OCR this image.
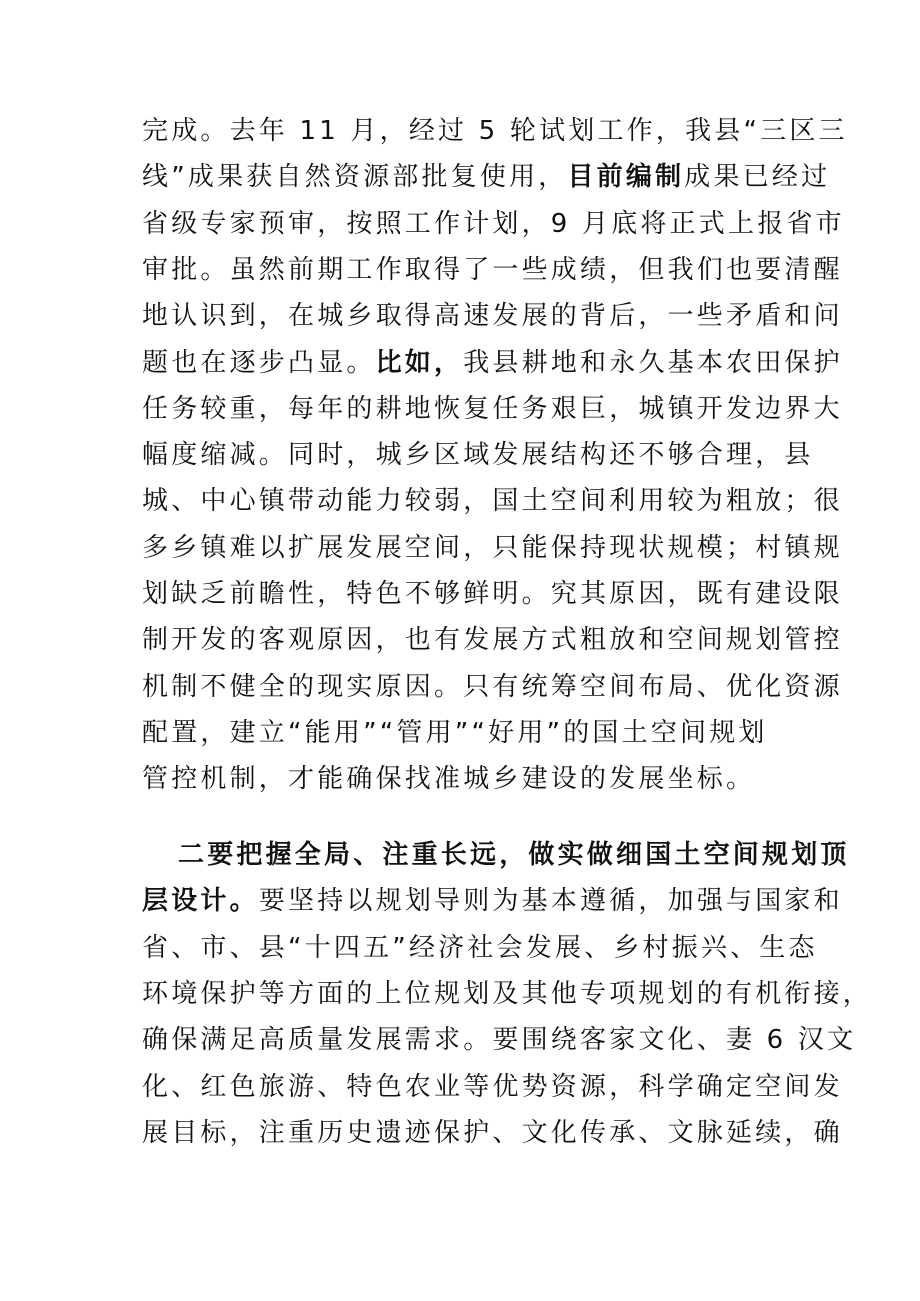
完成。去年 11 月，经过 5 轮试划工作，我县“三区三
线”成果获自然资源部批复使用，目前编制成果已经过
省级专家预审，按照工作计划，9 月底将正式上报省市
审批。虽然前期工作取得了一些成绩，但我们也要清醒
地认识到，在城乡取得高速发展的背后，一些矛盾和问
题也在逐步凸显。比如，我县耕地和永久基本农田保护
任务较重，每年的耕地恢复任务艰巨，城镇开发边界大
幅度缩减。同时，城乡区域发展结构还不够合理，县
城、中心镇带动能力较弱，国土空间利用较为粗放；很
多乡镇难以扩展发展空间，只能保持现状规模；村镇规
划缺乏前瞻性，特色不够鲜明。究其原因，既有建设限
制开发的客观原因，也有发展方式粗放和空间规划管控
机制不健全的现实原因。只有统筹空间布局、优化资源
配置，建立“能用”“管用”“好用”的国土空间规划
管控机制，才能确保找准城乡建设的发展坐标。
二要把握全局、注重长远，做实做细国土空间规划顶
层设计。要坚持以规划导则为基本遵循，加强与国家和
省、市、县“十四五”经济社会发展、乡村振兴、生态
环境保护等方面的上位规划及其他专项规划的有机衔接，
确保满足高质量发展需求。要围绕客家文化、妻 6 汉文
化、红色旅游、特色农业等优势资源，科学确定空间发
展目标，注重历史遗迹保护、文化传承、文脉延续，确
